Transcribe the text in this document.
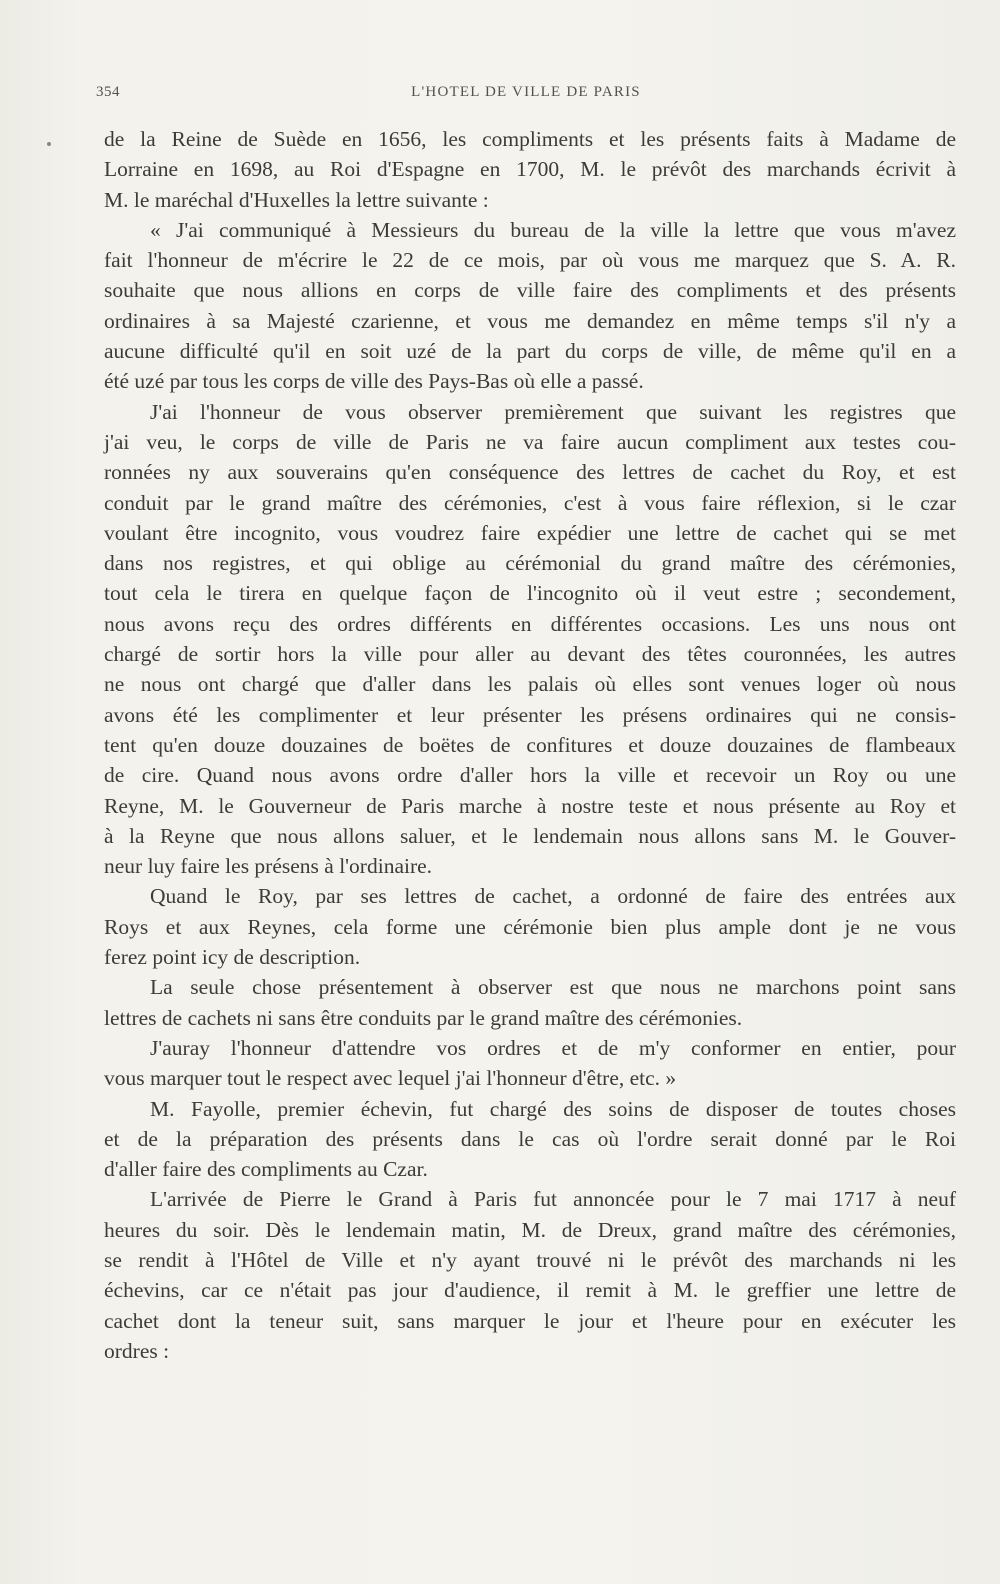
354	L'HOTEL DE VILLE DE PARIS
de la Reine de Suède en 1656, les compliments et les présents faits à Madame de
Lorraine en 1698, au Roi d'Espagne en 1700, M. le prévôt des marchands écrivit à
M. le maréchal d'Huxelles la lettre suivante :
« J'ai communiqué à Messieurs du bureau de la ville la lettre que vous m'avez
fait l'honneur de m'écrire le 22 de ce mois, par où vous me marquez que S. A. R.
souhaite que nous allions en corps de ville faire des compliments et des présents
ordinaires à sa Majesté czarienne, et vous me demandez en même temps s'il n'y a
aucune difficulté qu'il en soit uzé de la part du corps de ville, de même qu'il en a
été uzé par tous les corps de ville des Pays-Bas où elle a passé.
J'ai l'honneur de vous observer premièrement que suivant les registres que
j'ai veu, le corps de ville de Paris ne va faire aucun compliment aux testes cou-
ronnées ny aux souverains qu'en conséquence des lettres de cachet du Roy, et est
conduit par le grand maître des cérémonies, c'est à vous faire réflexion, si le czar
voulant être incognito, vous voudrez faire expédier une lettre de cachet qui se met
dans nos registres, et qui oblige au cérémonial du grand maître des cérémonies,
tout cela le tirera en quelque façon de l'incognito où il veut estre ; secondement,
nous avons reçu des ordres différents en différentes occasions. Les uns nous ont
chargé de sortir hors la ville pour aller au devant des têtes couronnées, les autres
ne nous ont chargé que d'aller dans les palais où elles sont venues loger où nous
avons été les complimenter et leur présenter les présens ordinaires qui ne consis-
tent qu'en douze douzaines de boëtes de confitures et douze douzaines de flambeaux
de cire. Quand nous avons ordre d'aller hors la ville et recevoir un Roy ou une
Reyne, M. le Gouverneur de Paris marche à nostre teste et nous présente au Roy et
à la Reyne que nous allons saluer, et le lendemain nous allons sans M. le Gouver-
neur luy faire les présens à l'ordinaire.
Quand le Roy, par ses lettres de cachet, a ordonné de faire des entrées aux
Roys et aux Reynes, cela forme une cérémonie bien plus ample dont je ne vous
ferez point icy de description.
La seule chose présentement à observer est que nous ne marchons point sans
lettres de cachets ni sans être conduits par le grand maître des cérémonies.
J'auray l'honneur d'attendre vos ordres et de m'y conformer en entier, pour
vous marquer tout le respect avec lequel j'ai l'honneur d'être, etc. »
M. Fayolle, premier échevin, fut chargé des soins de disposer de toutes choses
et de la préparation des présents dans le cas où l'ordre serait donné par le Roi
d'aller faire des compliments au Czar.
L'arrivée de Pierre le Grand à Paris fut annoncée pour le 7 mai 1717 à neuf
heures du soir. Dès le lendemain matin, M. de Dreux, grand maître des cérémonies,
se rendit à l'Hôtel de Ville et n'y ayant trouvé ni le prévôt des marchands ni les
échevins, car ce n'était pas jour d'audience, il remit à M. le greffier une lettre de
cachet dont la teneur suit, sans marquer le jour et l'heure pour en exécuter les
ordres :
